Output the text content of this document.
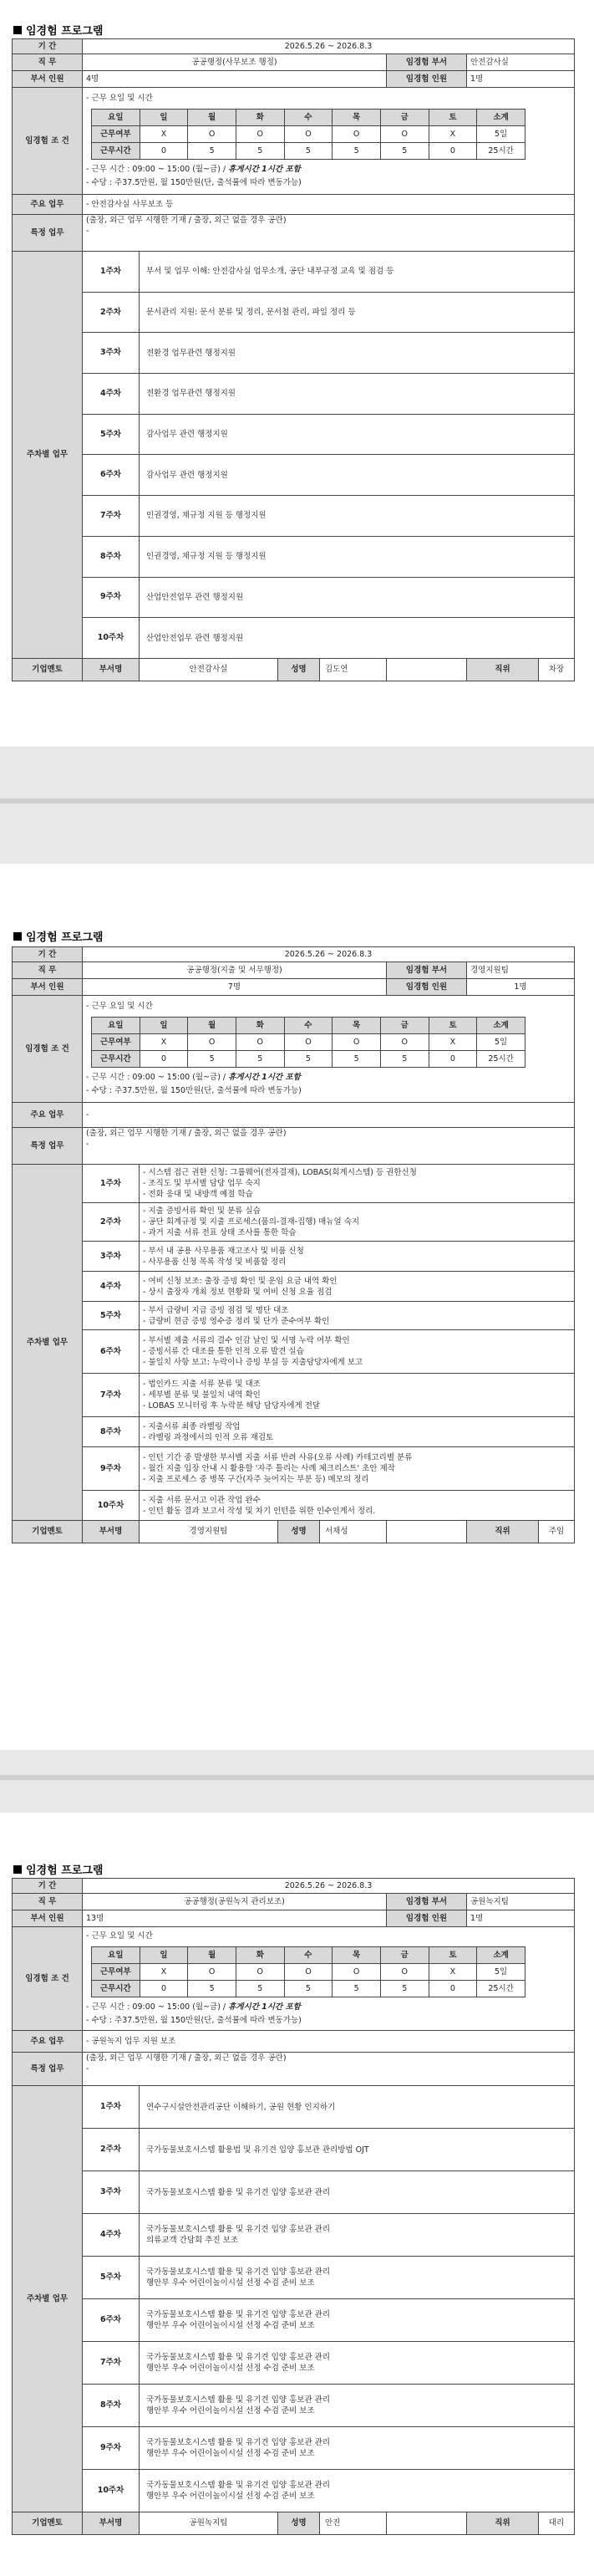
임경험 프로그램
기 간	2026.5.26 ~ 2026.8.3
직 무	공공행정(사무보조 행정)	임경험 부서	안전감사실
부서 인원	4명	임경험 인원	1명
임경험 조 건	
- 근무 요일 및 시간
요일	일	월	화	수	목	금	토	소계
근무여부	X	O	O	O	O	O	X	5일
근무시간	0	5	5	5	5	5	0	25시간
- 근무 시간 : 09:00 ~ 15:00 (월~금) / 휴게시간 1시간 포함
- 수당 : 주37.5만원, 월 150만원(단, 출석률에 따라 변동가능)

주요 업무	- 안전감사실 사무보조 등
특정 업무	
(출장, 외근 업무 시행한 기재 / 출장, 외근 없을 경우 공란)
-

주차별 업무	1주차	부서 및 업무 이해: 안전감사실 업무소개, 공단 내부규정 교육 및 점검 등

2주차	문서관리 지원: 문서 분류 및 정리, 문서철 관리, 파일 정리 등

3주차	전환경 업무관련 행정지원

4주차	전환경 업무관련 행정지원

5주차	감사업무 관련 행정지원

6주차	감사업무 관련 행정지원

7주차	인권경영, 채규정 지원 등 행정지원

8주차	인권경영, 채규정 지원 등 행정지원

9주차	산업안전업무 관련 행정지원

10주차	산업안전업무 관련 행정지원

기업멘토	부서명	안전감사실	성명	김도연		직위	차장
임경험 프로그램
기 간	2026.5.26 ~ 2026.8.3
직 무	공공행정(지출 및 서무행정)	임경험 부서	경영지원팀
부서 인원	7명	임경험 인원	1명
임경험 조 건	
- 근무 요일 및 시간
요일	일	월	화	수	목	금	토	소계
근무여부	X	O	O	O	O	O	X	5일
근무시간	0	5	5	5	5	5	0	25시간
- 근무 시간 : 09:00 ~ 15:00 (월~금) / 휴게시간 1시간 포함
- 수당 : 주37.5만원, 월 150만원(단, 출석률에 따라 변동가능)

주요 업무	-
특정 업무	
(출장, 외근 업무 시행한 기재 / 출장, 외근 없을 경우 공란)
-

주차별 업무	1주차	
- 시스템 접근 권한 신청: 그룹웨어(전자결재), LOBAS(회계시스템) 등 권한신청
- 조직도 및 부서별 담당 업무 숙지
- 전화 응대 및 내방객 예절 학습

2주차	
- 지출 증빙서류 확인 및 분류 실습
- 공단 회계규정 및 지출 프로세스(품의-결재-집행) 매뉴얼 숙지
- 과거 지출 서류 전표 상태 조사를 통한 학습

3주차	
- 부서 내 공용 사무용품 재고조사 및 비품 신청
- 사무용품 신청 목록 작성 및 비품함 정리

4주차	
- 여비 신청 보조: 출장 증빙 확인 및 운임 요금 내역 확인
- 상시 출장자 개최 정보 현황화 및 여비 신청 요율 점검

5주차	
- 부서 급량비 지급 증빙 점검 및 명단 대조
- 급량비 현금 증빙 영수증 정리 및 단가 준수여부 확인

6주차	
- 부서별 제출 서류의 결수 인감 날인 및 서명 누락 여부 확인
- 증빙서류 간 대조를 통한 인적 오류 발견 실습
- 불일치 사항 보고: 누락이나 증빙 부실 등 지출담당자에게 보고

7주차	
- 법인카드 지출 서류 분류 및 대조
- 세부별 분류 및 불일치 내역 확인
- LOBAS 모니터링 후 누락분 해당 담당자에게 전달

8주차	
- 지출서류 최종 라벨링 작업
- 라벨링 과정에서의 인적 오류 재검토

9주차	
- 인턴 기간 중 발생한 부서별 지출 서류 반려 사유(오류 사례) 카테고리별 분류
- 월간 지출 입장 안내 시 활용할 '자주 틀리는 사례 체크리스트' 초안 제작
- 지출 프로세스 중 병목 구간(자주 늦어지는 부분 등) 메모의 정리

10주차	
- 지출 서류 문서고 이관 작업 완수
- 인턴 활동 결과 보고서 작성 및 차기 인턴을 위한 인수인계서 정리.

기업멘토	부서명	경영지원팀	성명	서채성		직위	주임
임경험 프로그램
기 간	2026.5.26 ~ 2026.8.3
직 무	공공행정(공원녹지 관리보조)	임경험 부서	공원녹지팀
부서 인원	13명	임경험 인원	1명
임경험 조 건	
- 근무 요일 및 시간
요일	일	월	화	수	목	금	토	소계
근무여부	X	O	O	O	O	O	X	5일
근무시간	0	5	5	5	5	5	0	25시간
- 근무 시간 : 09:00 ~ 15:00 (월~금) / 휴게시간 1시간 포함
- 수당 : 주37.5만원, 월 150만원(단, 출석률에 따라 변동가능)

주요 업무	- 공원녹지 업무 지원 보조
특정 업무	
(출장, 외근 업무 시행한 기재 / 출장, 외근 없을 경우 공란)
-

주차별 업무	1주차	연수구시설안전관리공단 이해하기, 공원 현황 인지하기

2주차	국가동물보호시스템 활용법 및 유기견 입양 홍보관 관리방법 OJT

3주차	국가동물보호시스템 활용 및 유기견 입양 홍보관 관리

4주차	
국가동물보호시스템 활용 및 유기견 입양 홍보관 관리
의류교객 간담회 추진 보조

5주차	
국가동물보호시스템 활용 및 유기견 입양 홍보관 관리
행안부 우수 어린이놀이시설 선정 수검 준비 보조

6주차	
국가동물보호시스템 활용 및 유기견 입양 홍보관 관리
행안부 우수 어린이놀이시설 선정 수검 준비 보조

7주차	
국가동물보호시스템 활용 및 유기견 입양 홍보관 관리
행안부 우수 어린이놀이시설 선정 수검 준비 보조

8주차	
국가동물보호시스템 활용 및 유기견 입양 홍보관 관리
행안부 우수 어린이놀이시설 선정 수검 준비 보조

9주차	
국가동물보호시스템 활용 및 유기견 입양 홍보관 관리
행안부 우수 어린이놀이시설 선정 수검 준비 보조

10주차	
국가동물보호시스템 활용 및 유기견 입양 홍보관 관리
행안부 우수 어린이놀이시설 선정 수검 준비 보조

기업멘토	부서명	공원녹지팀	성명	안진		직위	대리
